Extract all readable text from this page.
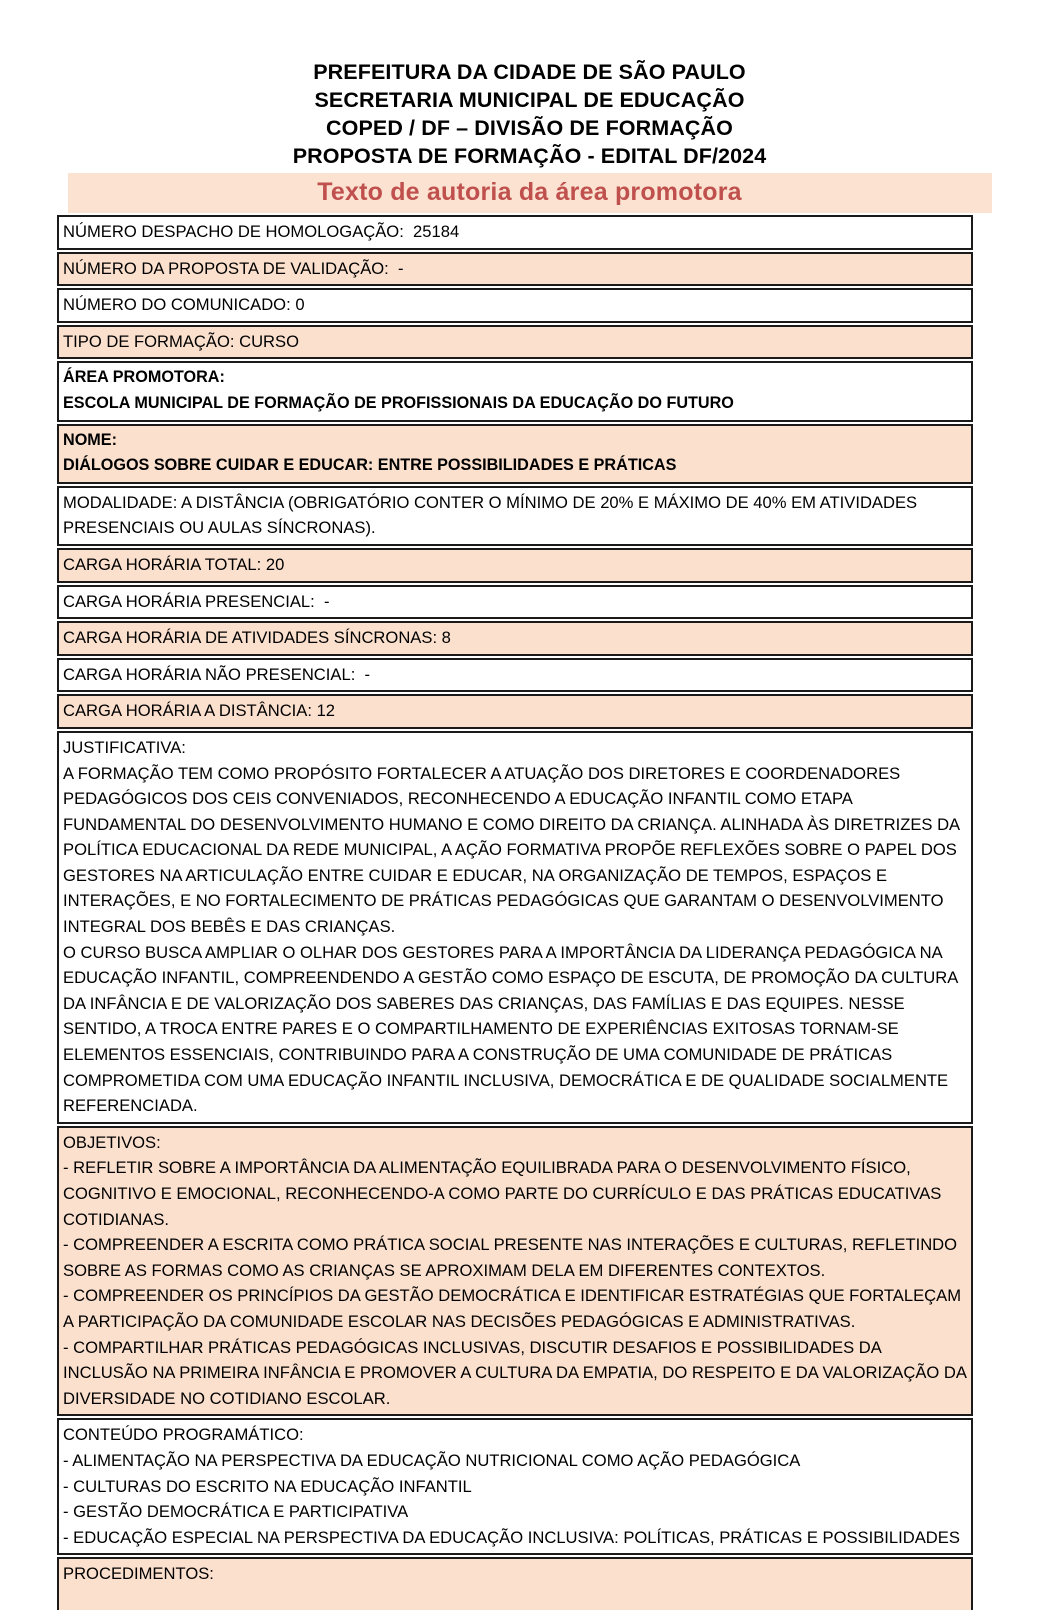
PREFEITURA DA CIDADE DE SÃO PAULO
SECRETARIA MUNICIPAL DE EDUCAÇÃO
COPED / DF – DIVISÃO DE FORMAÇÃO
PROPOSTA DE FORMAÇÃO - EDITAL DF/2024
Texto de autoria da área promotora
NÚMERO DESPACHO DE HOMOLOGAÇÃO:  25184

NÚMERO DA PROPOSTA DE VALIDAÇÃO:  -

NÚMERO DO COMUNICADO: 0

TIPO DE FORMAÇÃO: CURSO

ÁREA PROMOTORA:
ESCOLA MUNICIPAL DE FORMAÇÃO DE PROFISSIONAIS DA EDUCAÇÃO DO FUTURO

NOME:
DIÁLOGOS SOBRE CUIDAR E EDUCAR: ENTRE POSSIBILIDADES E PRÁTICAS

MODALIDADE: A DISTÂNCIA (OBRIGATÓRIO CONTER O MÍNIMO DE 20% E MÁXIMO DE 40% EM ATIVIDADES PRESENCIAIS OU AULAS SÍNCRONAS).

CARGA HORÁRIA TOTAL: 20

CARGA HORÁRIA PRESENCIAL:  -

CARGA HORÁRIA DE ATIVIDADES SÍNCRONAS: 8

CARGA HORÁRIA NÃO PRESENCIAL:  -

CARGA HORÁRIA A DISTÂNCIA: 12

JUSTIFICATIVA:
A FORMAÇÃO TEM COMO PROPÓSITO FORTALECER A ATUAÇÃO DOS DIRETORES E COORDENADORES PEDAGÓGICOS DOS CEIS CONVENIADOS, RECONHECENDO A EDUCAÇÃO INFANTIL COMO ETAPA FUNDAMENTAL DO DESENVOLVIMENTO HUMANO E COMO DIREITO DA CRIANÇA. ALINHADA ÀS DIRETRIZES DA POLÍTICA EDUCACIONAL DA REDE MUNICIPAL, A AÇÃO FORMATIVA PROPÕE REFLEXÕES SOBRE O PAPEL DOS GESTORES NA ARTICULAÇÃO ENTRE CUIDAR E EDUCAR, NA ORGANIZAÇÃO DE TEMPOS, ESPAÇOS E INTERAÇÕES, E NO FORTALECIMENTO DE PRÁTICAS PEDAGÓGICAS QUE GARANTAM O DESENVOLVIMENTO INTEGRAL DOS BEBÊS E DAS CRIANÇAS.
O CURSO BUSCA AMPLIAR O OLHAR DOS GESTORES PARA A IMPORTÂNCIA DA LIDERANÇA PEDAGÓGICA NA EDUCAÇÃO INFANTIL, COMPREENDENDO A GESTÃO COMO ESPAÇO DE ESCUTA, DE PROMOÇÃO DA CULTURA DA INFÂNCIA E DE VALORIZAÇÃO DOS SABERES DAS CRIANÇAS, DAS FAMÍLIAS E DAS EQUIPES. NESSE SENTIDO, A TROCA ENTRE PARES E O COMPARTILHAMENTO DE EXPERIÊNCIAS EXITOSAS TORNAM-SE ELEMENTOS ESSENCIAIS, CONTRIBUINDO PARA A CONSTRUÇÃO DE UMA COMUNIDADE DE PRÁTICAS COMPROMETIDA COM UMA EDUCAÇÃO INFANTIL INCLUSIVA, DEMOCRÁTICA E DE QUALIDADE SOCIALMENTE REFERENCIADA.

OBJETIVOS:
- REFLETIR SOBRE A IMPORTÂNCIA DA ALIMENTAÇÃO EQUILIBRADA PARA O DESENVOLVIMENTO FÍSICO, COGNITIVO E EMOCIONAL, RECONHECENDO-A COMO PARTE DO CURRÍCULO E DAS PRÁTICAS EDUCATIVAS COTIDIANAS.
- COMPREENDER A ESCRITA COMO PRÁTICA SOCIAL PRESENTE NAS INTERAÇÕES E CULTURAS, REFLETINDO SOBRE AS FORMAS COMO AS CRIANÇAS SE APROXIMAM DELA EM DIFERENTES CONTEXTOS.
- COMPREENDER OS PRINCÍPIOS DA GESTÃO DEMOCRÁTICA E IDENTIFICAR ESTRATÉGIAS QUE FORTALEÇAM A PARTICIPAÇÃO DA COMUNIDADE ESCOLAR NAS DECISÕES PEDAGÓGICAS E ADMINISTRATIVAS.
- COMPARTILHAR PRÁTICAS PEDAGÓGICAS INCLUSIVAS, DISCUTIR DESAFIOS E POSSIBILIDADES DA INCLUSÃO NA PRIMEIRA INFÂNCIA E PROMOVER A CULTURA DA EMPATIA, DO RESPEITO E DA VALORIZAÇÃO DA DIVERSIDADE NO COTIDIANO ESCOLAR.

CONTEÚDO PROGRAMÁTICO:
- ALIMENTAÇÃO NA PERSPECTIVA DA EDUCAÇÃO NUTRICIONAL COMO AÇÃO PEDAGÓGICA
- CULTURAS DO ESCRITO NA EDUCAÇÃO INFANTIL
- GESTÃO DEMOCRÁTICA E PARTICIPATIVA
- EDUCAÇÃO ESPECIAL NA PERSPECTIVA DA EDUCAÇÃO INCLUSIVA: POLÍTICAS, PRÁTICAS E POSSIBILIDADES

PROCEDIMENTOS:
